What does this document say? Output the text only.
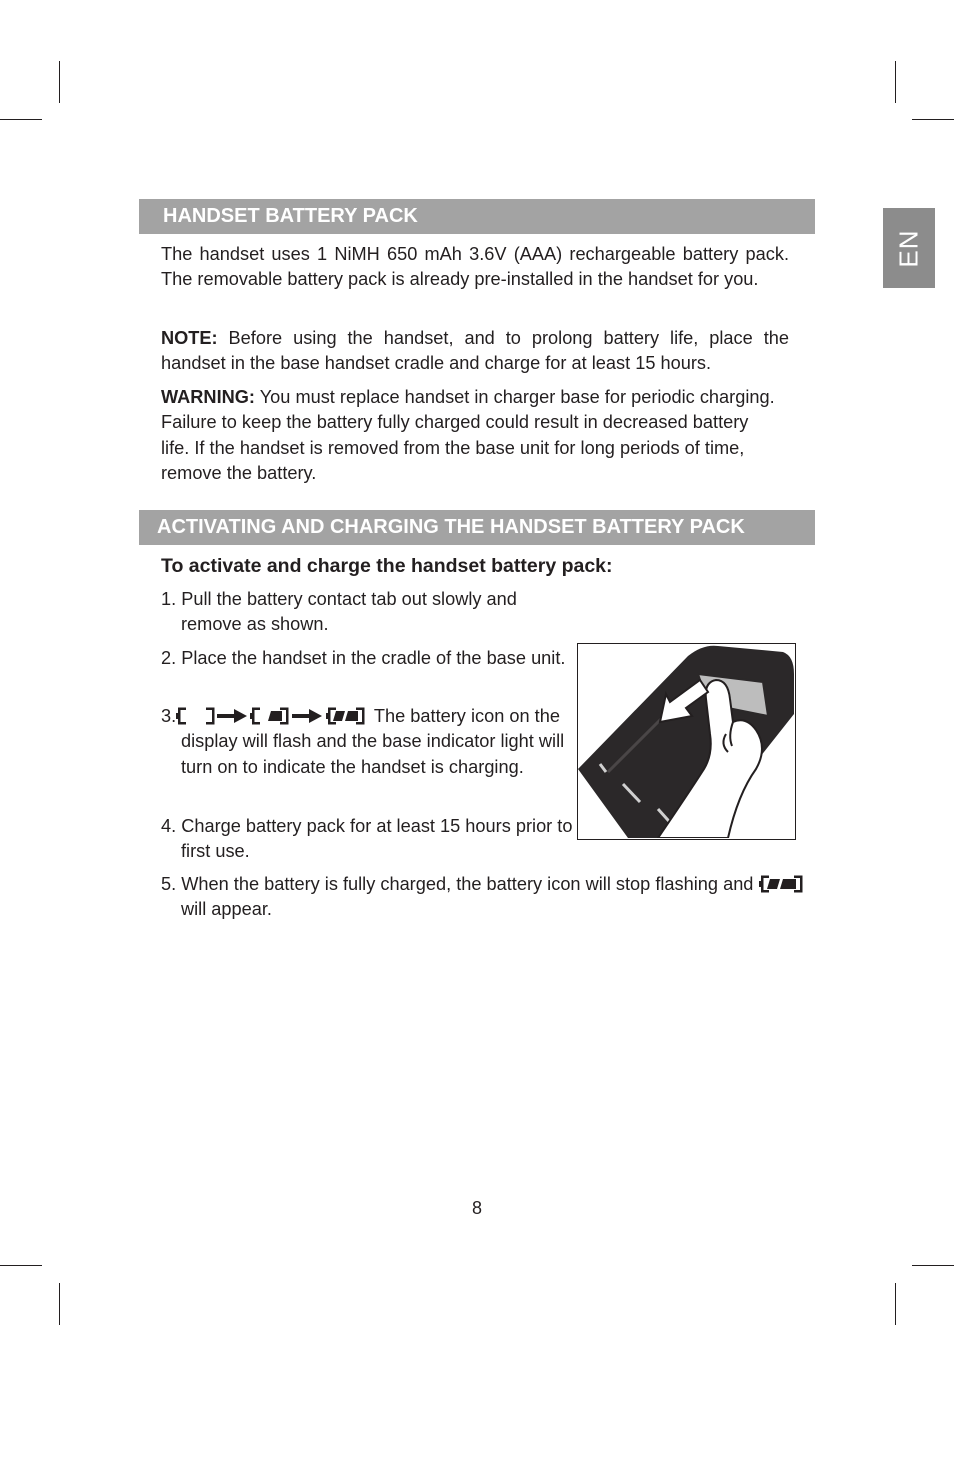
EN
HANDSET BATTERY PACK

The handset uses 1 NiMH 650 mAh 3.6V (AAA) rechargeable battery pack. The removable battery pack is already pre-installed in the handset for you.

NOTE: Before using the handset, and to prolong battery life, place the handset in the base handset cradle and charge for at least 15 hours.

WARNING: You must replace handset in charger base for periodic charging. Failure to keep the battery fully charged could result in decreased battery life. If the handset is removed from the base unit for long periods of time, remove the battery.

ACTIVATING AND CHARGING THE HANDSET BATTERY PACK

To activate and charge the handset battery pack:

1. Pull the battery contact tab out slowly and remove as shown.

2. Place the handset in the cradle of the base unit.

3.	The battery icon on the display will flash and the base indicator light will turn on to indicate the handset is charging.

4. Charge battery pack for at least 15 hours prior to first use.

5. When the battery is fully charged, the battery icon will stop flashing and  will appear.

8
